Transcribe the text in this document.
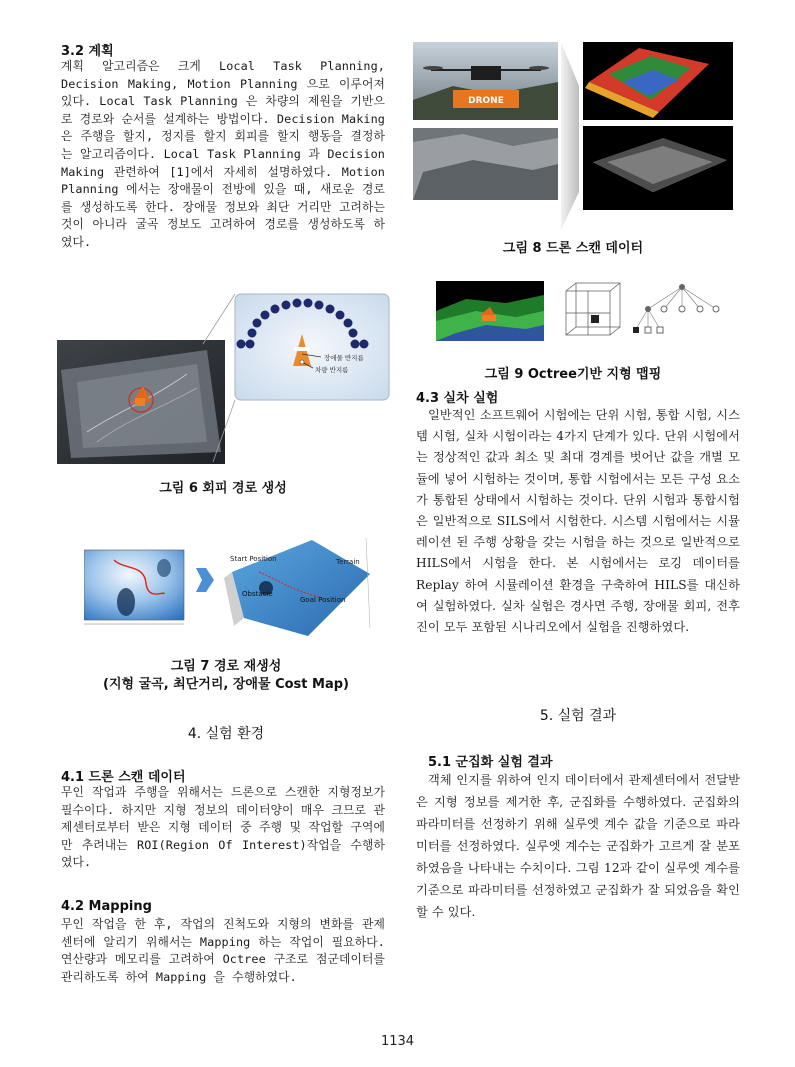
3.2 계획
계획 알고리즘은 크게 Local Task Planning, Decision Making, Motion Planning 으로 이루어져 있다. Local Task Planning 은 차량의 제원을 기반으로 경로와 순서를 설계하는 방법이다. Decision Making 은 주행을 할지, 정지를 할지 회피를 할지 행동을 결정하는 알고리즘이다. Local Task Planning 과 Decision Making 관련하여 [1]에서 자세히 설명하였다. Motion Planning 에서는 장애물이 전방에 있을 때, 새로운 경로를 생성하도록 한다. 장애물 정보와 최단 거리만 고려하는 것이 아니라 굴곡 정보도 고려하여 경로를 생성하도록 하였다.
장애물 반지름
차량 반지름
그림 6 회피 경로 생성
Start Position	Terrain
Obstacle
Goal Position
그림 7 경로 재생성
(지형 굴곡, 최단거리, 장애물 Cost Map)
4. 실험 환경
4.1 드론 스캔 데이터
무인 작업과 주행을 위해서는 드론으로 스캔한 지형정보가 필수이다. 하지만 지형 정보의 데이터양이 매우 크므로 관제센터로부터 받은 지형 데이터 중 주행 및 작업할 구역에만 추려내는 ROI(Region Of Interest)작업을 수행하였다.
4.2 Mapping
무인 작업을 한 후, 작업의 진척도와 지형의 변화를 관제센터에 알리기 위해서는 Mapping 하는 작업이 필요하다. 연산량과 메모리를 고려하여 Octree 구조로 점군데이터를 관리하도록 하여 Mapping 을 수행하였다.
DRONE
그림 8 드론 스캔 데이터
그림 9 Octree기반 지형 맵핑
4.3 실차 실험
일반적인 소프트웨어 시험에는 단위 시험, 통합 시험, 시스템 시험, 실차 시험이라는 4가지 단계가 있다. 단위 시험에서는 정상적인 값과 최소 및 최대 경계를 벗어난 값을 개별 모듈에 넣어 시험하는 것이며, 통합 시험에서는 모든 구성 요소가 통합된 상태에서 시험하는 것이다. 단위 시험과 통합시험은 일반적으로 SILS에서 시험한다. 시스템 시험에서는 시뮬레이션 된 주행 상황을 갖는 시험을 하는 것으로 일반적으로 HILS에서 시험을 한다. 본 시험에서는 로깅 데이터를 Replay 하여 시뮬레이션 환경을 구축하여 HILS를 대신하여 실험하였다. 실차 실험은 경사면 주행, 장애물 회피, 전후진이 모두 포함된 시나리오에서 실험을 진행하였다.
5. 실험 결과
5.1 군집화 실험 결과
객체 인지를 위하여 인지 데이터에서 관제센터에서 전달받은 지형 정보를 제거한 후, 군집화를 수행하였다. 군집화의 파라미터를 선정하기 위해 실루엣 계수 값을 기준으로 파라미터를 선정하였다. 실루엣 계수는 군집화가 고르게 잘 분포하였음을 나타내는 수치이다. 그림 12과 같이 실루엣 계수를 기준으로 파라미터를 선정하였고 군집화가 잘 되었음을 확인할 수 있다.
1134
